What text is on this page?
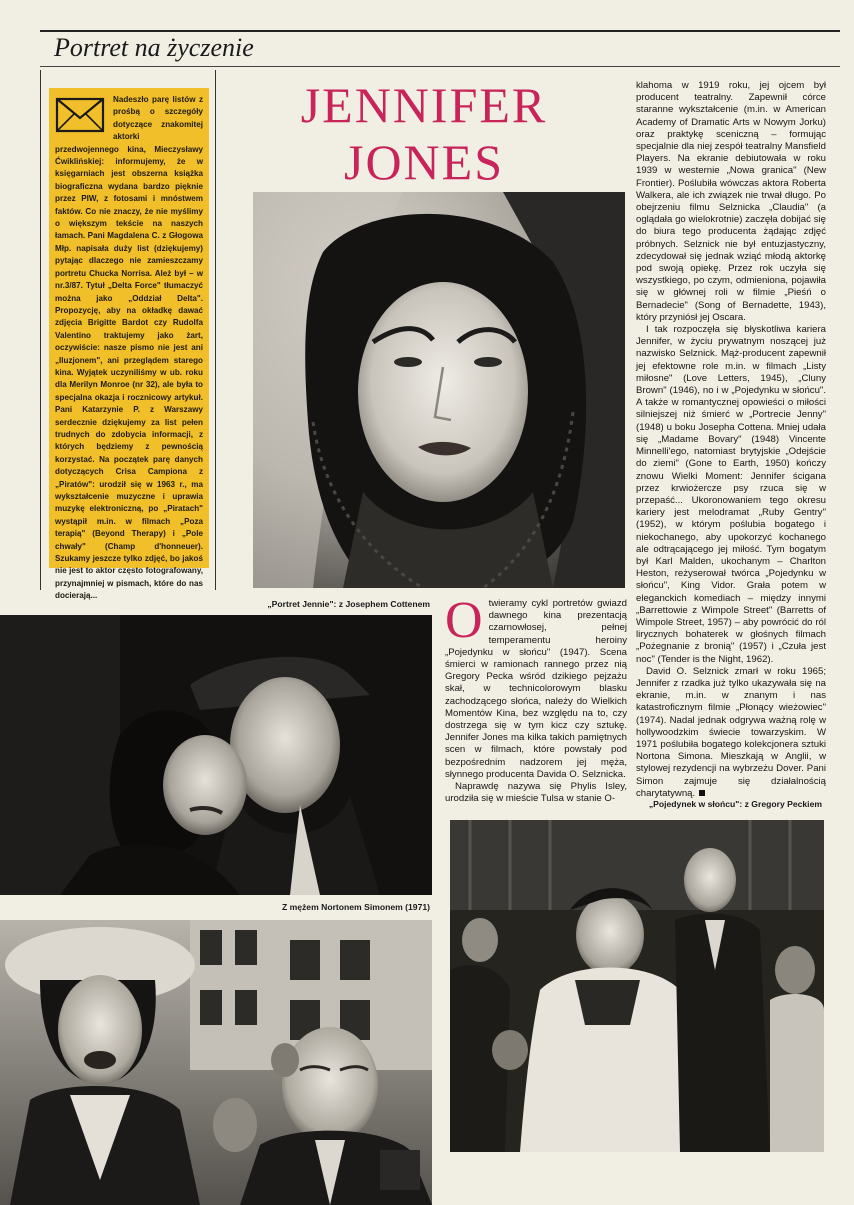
Portret na życzenie
Nadeszło parę listów z prośbą o szczegóły dotyczące znakomitej aktorki przedwojennego kina, Mieczysławy Ćwiklińskiej: informujemy, że w księgarniach jest obszerna książka biograficzna wydana bardzo pięknie przez PIW, z fotosami i mnóstwem faktów. Co nie znaczy, że nie myślimy o większym tekście na naszych łamach. Pani Magdalena C. z Głogowa Młp. napisała duży list (dziękujemy) pytając dlaczego nie zamieszczamy portretu Chucka Norrisa. Ależ był – w nr.3/87. Tytuł „Delta Force" tłumaczyć można jako „Oddział Delta". Propozycję, aby na okładkę dawać zdjęcia Brigitte Bardot czy Rudolfa Valentino traktujemy jako żart, oczywiście: nasze pismo nie jest ani „Iluzjonem", ani przeglądem starego kina. Wyjątek uczyniliśmy w ub. roku dla Merilyn Monroe (nr 32), ale była to specjalna okazja i rocznicowy artykuł. Pani Katarzynie P. z Warszawy serdecznie dziękujemy za list pełen trudnych do zdobycia informacji, z których będziemy z pewnością korzystać. Na początek parę danych dotyczących Crisa Campiona z „Piratów": urodził się w 1963 r., ma wykształcenie muzyczne i uprawia muzykę elektroniczną, po „Piratach" wystąpił m.in. w filmach „Poza terapią" (Beyond Therapy) i „Pole chwały" (Champ d'honneuer). Szukamy jeszcze tylko zdjęć, bo jakoś nie jest to aktor często fotografowany, przynajmniej w pismach, które do nas docierają...
JENNIFER
JONES
„Portret Jennie": z Josephem Cottenem
Z mężem Nortonem Simonem (1971)

Otwieramy cykl portretów gwiazd dawnego kina prezentacją czarnowłosej, pełnej temperamentu heroiny „Pojedynku w słońcu" (1947). Scena śmierci w ramionach rannego przez nią Gregory Pecka wśród dzikiego pejzażu skał, w technicolorowym blasku zachodzącego słońca, należy do Wielkich Momentów Kina, bez względu na to, czy dostrzega się w tym kicz czy sztukę. Jennifer Jones ma kilka takich pamiętnych scen w filmach, które powstały pod bezpośrednim nadzorem jej męża, słynnego producenta Davida O. Selznicka.

Naprawdę nazywa się Phylis Isley, urodziła się w mieście Tulsa w stanie O-

klahoma w 1919 roku, jej ojcem był producent teatralny. Zapewnił córce staranne wykształcenie (m.in. w American Academy of Dramatic Arts w Nowym Jorku) oraz praktykę sceniczną – formując specjalnie dla niej zespół teatralny Mansfield Players. Na ekranie debiutowała w roku 1939 w westernie „Nowa granica" (New Frontier). Poślubiła wówczas aktora Roberta Walkera, ale ich związek nie trwał długo. Po obejrzeniu filmu Selznicka „Claudia" (a oglądała go wielokrotnie) zaczęła dobijać się do biura tego producenta żądając zdjęć próbnych. Selznick nie był entuzjastyczny, zdecydował się jednak wziąć młodą aktorkę pod swoją opiekę. Przez rok uczyła się wszystkiego, po czym, odmieniona, pojawiła się w głównej roli w filmie „Pieśń o Bernadecie" (Song of Bernadette, 1943), który przyniósł jej Oscara.

I tak rozpoczęła się błyskotliwa kariera Jennifer, w życiu prywatnym noszącej już nazwisko Selznick. Mąż-producent zapewnił jej efektowne role m.in. w filmach „Listy miłosne" (Love Letters, 1945), „Cluny Brown" (1946), no i w „Pojedynku w słońcu". A także w romantycznej opowieści o miłości silniejszej niż śmierć w „Portrecie Jenny" (1948) u boku Josepha Cottena. Mniej udała się „Madame Bovary" (1948) Vincente Minnelli'ego, natomiast brytyjskie „Odejście do ziemi" (Gone to Earth, 1950) kończy znowu Wielki Moment: Jennifer ścigana przez krwiożercze psy rzuca się w przepaść... Ukoronowaniem tego okresu kariery jest melodramat „Ruby Gentry" (1952), w którym poślubia bogatego i niekochanego, aby upokorzyć kochanego ale odtrącającego jej miłość. Tym bogatym był Karl Malden, ukochanym – Charlton Heston, reżyserował twórca „Pojedynku w słońcu", King Vidor. Grała potem w eleganckich komediach – między innymi „Barrettowie z Wimpole Street" (Barretts of Wimpole Street, 1957) – aby powrócić do ról lirycznych bohaterek w głośnych filmach „Pożegnanie z bronią" (1957) i „Czuła jest noc" (Tender is the Night, 1962).

David O. Selznick zmarł w roku 1965; Jennifer z rzadka już tylko ukazywała się na ekranie, m.in. w znanym i nas katastroficznym filmie „Płonący wieżowiec" (1974). Nadal jednak odgrywa ważną rolę w hollywoodzkim świecie towarzyskim. W 1971 poślubiła bogatego kolekcjonera sztuki Nortona Simona. Mieszkają w Anglii, w stylowej rezydencji na wybrzeżu Dover. Pani Simon zajmuje się działalnością charytatywną.

„Pojedynek w słońcu": z Gregory Peckiem
